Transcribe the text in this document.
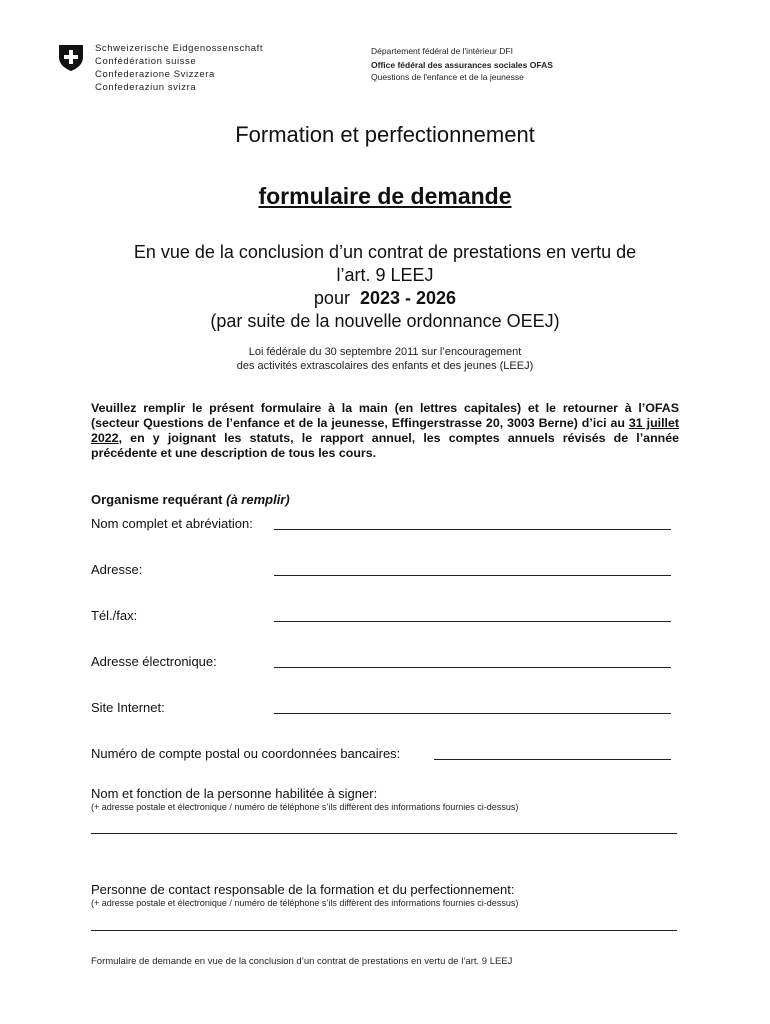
Schweizerische Eidgenossenschaft
Confédération suisse
Confederazione Svizzera
Confederaziun svizra
Département fédéral de l'intérieur DFI
Office fédéral des assurances sociales OFAS
Questions de l'enfance et de la jeunesse
Formation et perfectionnement
formulaire de demande
En vue de la conclusion d’un contrat de prestations en vertu de
l’art. 9 LEEJ
pour 2023 - 2026
(par suite de la nouvelle ordonnance OEEJ)
Loi fédérale du 30 septembre 2011 sur l’encouragement
des activités extrascolaires des enfants et des jeunes (LEEJ)
Veuillez remplir le présent formulaire à la main (en lettres capitales) et le retourner à l’OFAS (secteur Questions de l’enfance et de la jeunesse, Effingerstrasse 20, 3003 Berne) d’ici au 31 juillet 2022, en y joignant les statuts, le rapport annuel, les comptes annuels révisés de l’année précédente et une description de tous les cours.
Organisme requérant (à remplir)
Nom complet et abréviation:
Adresse:
Tél./fax:
Adresse électronique:
Site Internet:
Numéro de compte postal ou coordonnées bancaires:
Nom et fonction de la personne habilitée à signer:
(+ adresse postale et électronique / numéro de téléphone s’ils diffèrent des informations fournies ci-dessus)
Personne de contact responsable de la formation et du perfectionnement:
(+ adresse postale et électronique / numéro de téléphone s’ils diffèrent des informations fournies ci-dessus)
Formulaire de demande en vue de la conclusion d’un contrat de prestations en vertu de l’art. 9 LEEJ
